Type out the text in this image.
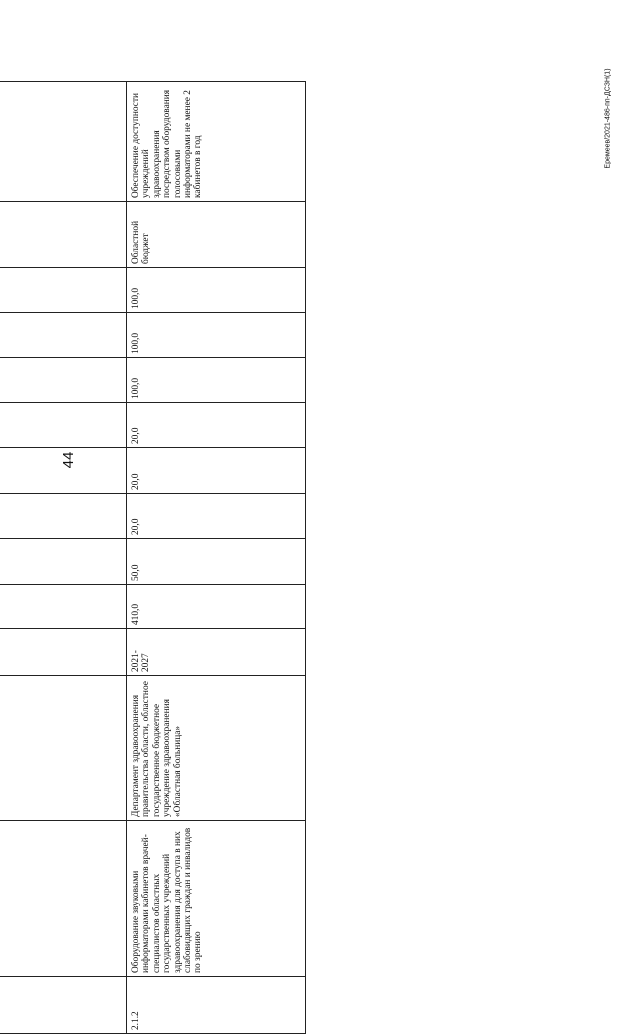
44
Еремеев/2021-486-пп-ДСЗН(1)

2.1.2	Оборудование звуковыми информаторами кабинетов врачей-специалистов областных государственных учреждений здравоохранения для доступа в них слабовидящих граждан и инвалидов по зрению	Департамент здравоохранения правительства области, областное государственное бюджетное учреждение здравоохранения «Областная больница»	2021-2027	410,0	50,0	20,0	20,0	20,0	100,0	100,0	100,0	Областной бюджет	Обеспечение доступности учреждений здравоохранения посредством оборудования голосовыми информаторами не менее 2 кабинетов в год
